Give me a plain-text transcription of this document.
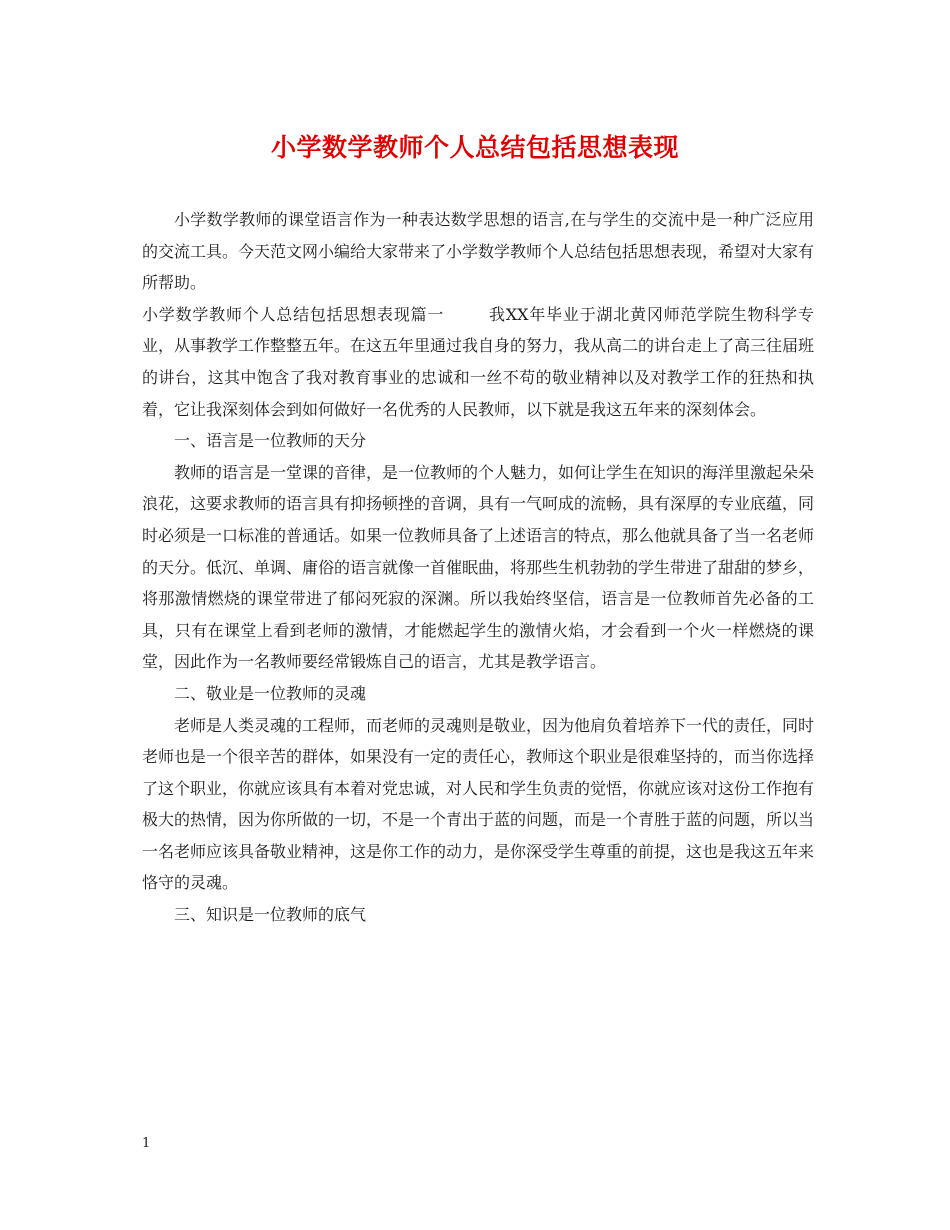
小学数学教师个人总结包括思想表现

小学数学教师的课堂语言作为一种表达数学思想的语言,在与学生的交流中是一种广泛应用的交流工具。今天范文网小编给大家带来了小学数学教师个人总结包括思想表现，希望对大家有所帮助。

小学数学教师个人总结包括思想表现篇一	我XX年毕业于湖北黄冈师范学院生物科学专业，从事教学工作整整五年。在这五年里通过我自身的努力，我从高二的讲台走上了高三往届班的讲台，这其中饱含了我对教育事业的忠诚和一丝不苟的敬业精神以及对教学工作的狂热和执着，它让我深刻体会到如何做好一名优秀的人民教师，以下就是我这五年来的深刻体会。

一、语言是一位教师的天分

教师的语言是一堂课的音律，是一位教师的个人魅力，如何让学生在知识的海洋里激起朵朵浪花，这要求教师的语言具有抑扬顿挫的音调，具有一气呵成的流畅，具有深厚的专业底蕴，同时必须是一口标准的普通话。如果一位教师具备了上述语言的特点，那么他就具备了当一名老师的天分。低沉、单调、庸俗的语言就像一首催眠曲，将那些生机勃勃的学生带进了甜甜的梦乡，将那激情燃烧的课堂带进了郁闷死寂的深渊。所以我始终坚信，语言是一位教师首先必备的工具，只有在课堂上看到老师的激情，才能燃起学生的激情火焰，才会看到一个火一样燃烧的课堂，因此作为一名教师要经常锻炼自己的语言，尤其是教学语言。

二、敬业是一位教师的灵魂

老师是人类灵魂的工程师，而老师的灵魂则是敬业，因为他肩负着培养下一代的责任，同时老师也是一个很辛苦的群体，如果没有一定的责任心，教师这个职业是很难坚持的，而当你选择了这个职业，你就应该具有本着对党忠诚，对人民和学生负责的觉悟，你就应该对这份工作抱有极大的热情，因为你所做的一切，不是一个青出于蓝的问题，而是一个青胜于蓝的问题，所以当一名老师应该具备敬业精神，这是你工作的动力，是你深受学生尊重的前提，这也是我这五年来恪守的灵魂。

三、知识是一位教师的底气

1
